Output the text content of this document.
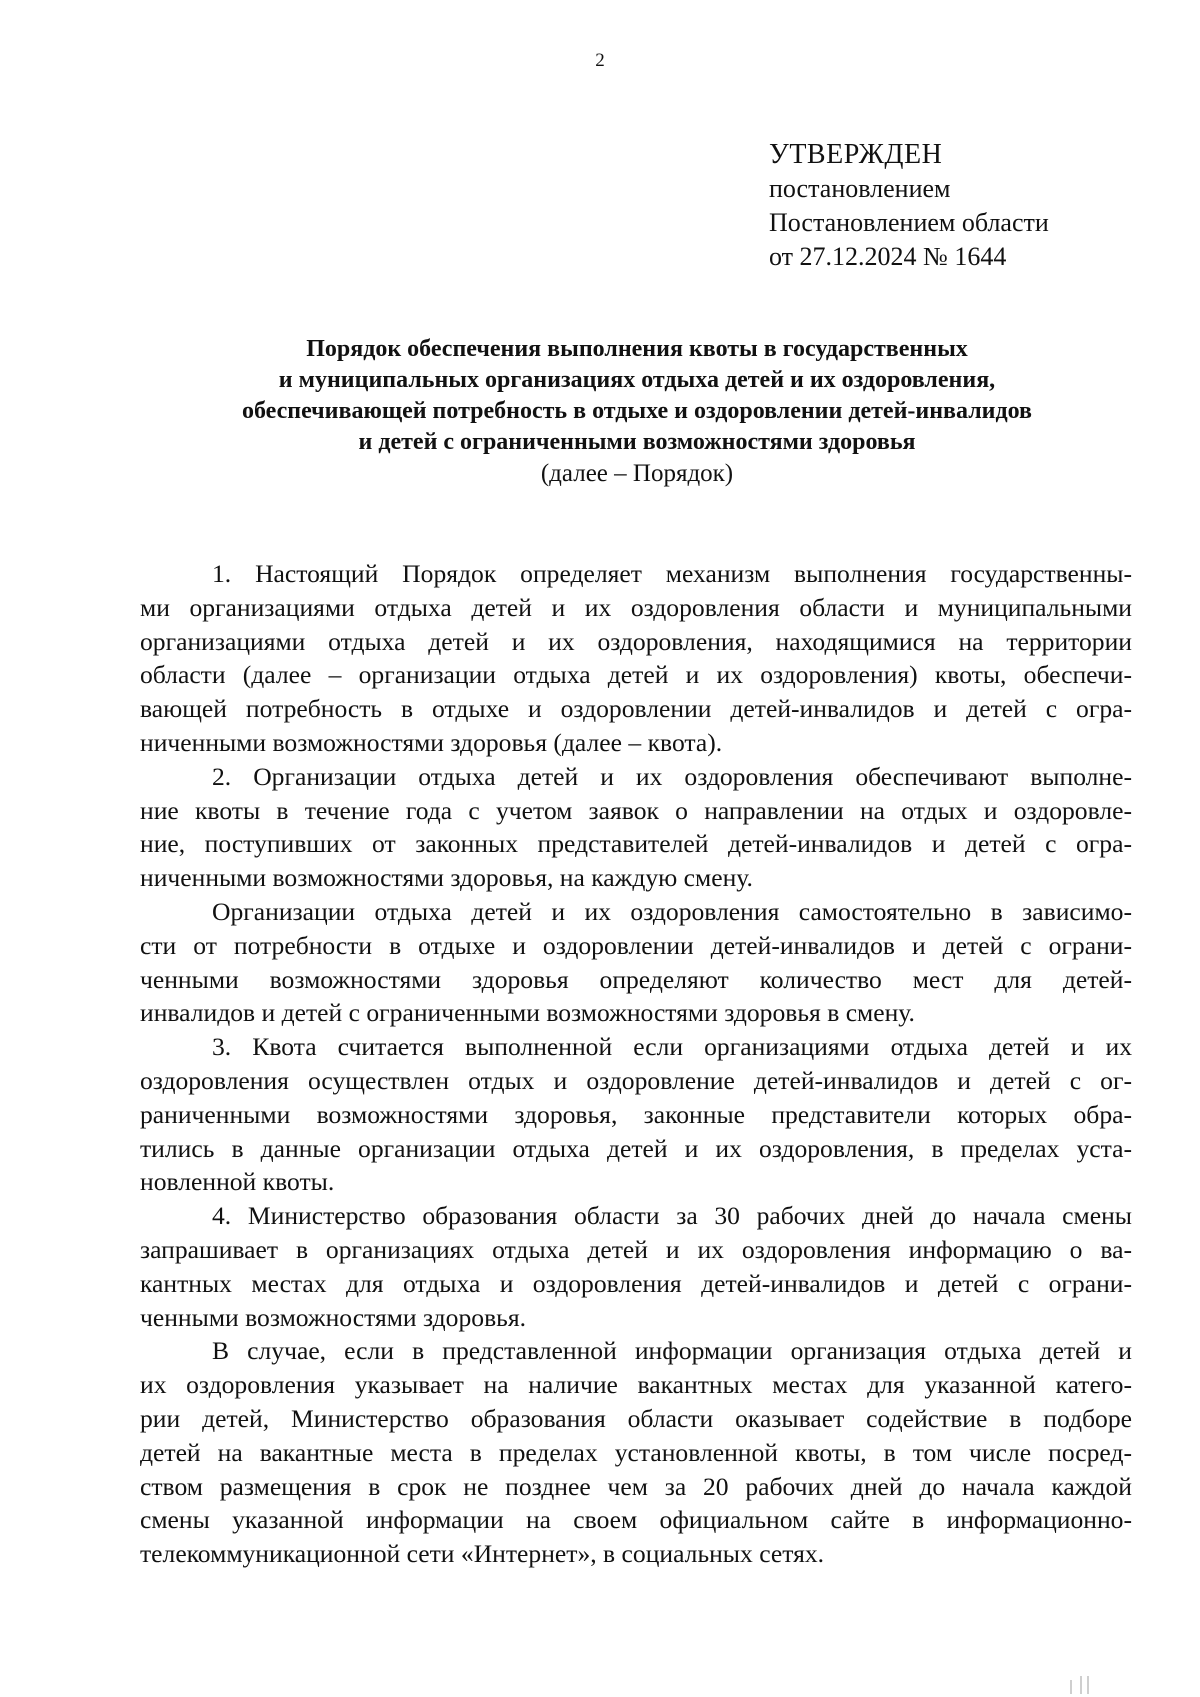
2
УТВЕРЖДЕН
постановлением
Постановлением области
от 27.12.2024 № 1644
Порядок обеспечения выполнения квоты в государственных
и муниципальных организациях отдыха детей и их оздоровления,
обеспечивающей потребность в отдыхе и оздоровлении детей-инвалидов
и детей с ограниченными возможностями здоровья
(далее – Порядок)
1. Настоящий Порядок определяет механизм выполнения государственны-
ми организациями отдыха детей и их оздоровления области и муниципальными
организациями отдыха детей и их оздоровления, находящимися на территории
области (далее – организации отдыха детей и их оздоровления) квоты, обеспечи-
вающей потребность в отдыхе и оздоровлении детей-инвалидов и детей с огра-
ниченными возможностями здоровья (далее – квота).
2. Организации отдыха детей и их оздоровления обеспечивают выполне-
ние квоты в течение года с учетом заявок о направлении на отдых и оздоровле-
ние, поступивших от законных представителей детей-инвалидов и детей с огра-
ниченными возможностями здоровья, на каждую смену.
Организации отдыха детей и их оздоровления самостоятельно в зависимо-
сти от потребности в отдыхе и оздоровлении детей-инвалидов и детей с ограни-
ченными возможностями здоровья определяют количество мест для детей-
инвалидов и детей с ограниченными возможностями здоровья в смену.
3. Квота считается выполненной если организациями отдыха детей и их
оздоровления осуществлен отдых и оздоровление детей-инвалидов и детей с ог-
раниченными возможностями здоровья, законные представители которых обра-
тились в данные организации отдыха детей и их оздоровления, в пределах уста-
новленной квоты.
4. Министерство образования области за 30 рабочих дней до начала смены
запрашивает в организациях отдыха детей и их оздоровления информацию о ва-
кантных местах для отдыха и оздоровления детей-инвалидов и детей с ограни-
ченными возможностями здоровья.
В случае, если в представленной информации организация отдыха детей и
их оздоровления указывает на наличие вакантных местах для указанной катего-
рии детей, Министерство образования области оказывает содействие в подборе
детей на вакантные места в пределах установленной квоты, в том числе посред-
ством размещения в срок не позднее чем за 20 рабочих дней до начала каждой
смены указанной информации на своем официальном сайте в информационно-
телекоммуникационной сети «Интернет», в социальных сетях.
